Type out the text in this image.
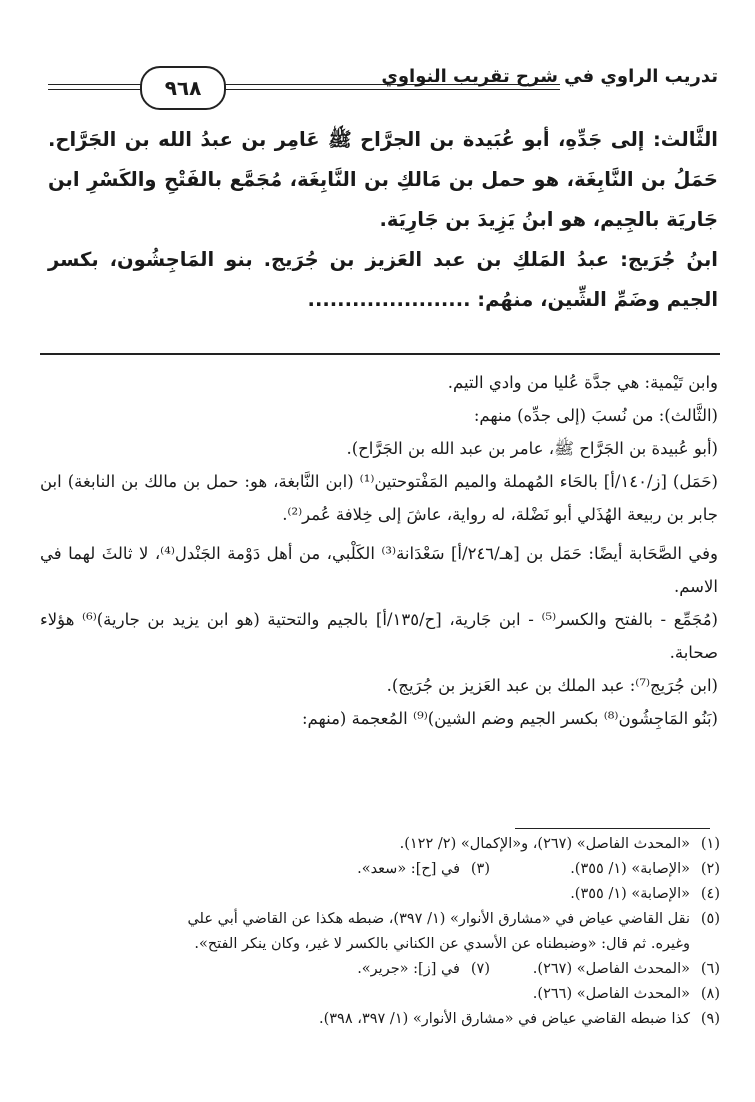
تدريب الراوي في شرح تقريب النواوي
٩٦٨

الثَّالث: إلى جَدِّهِ، أبو عُبَيدة بن الجرَّاح ﷺ عَامِر بن عبدُ الله بن الجَرَّاح. حَمَلُ بن النَّابِغَة، هو حمل بن مَالكِ بن النَّابِغَة، مُجَمَّع بالفَتْحِ والكَسْرِ ابن جَاريَة بالجِيم، هو ابنُ يَزِيدَ بن جَارِيَة.

ابنُ جُرَيج: عبدُ المَلكِ بن عبد العَزيز بن جُرَيج. بنو المَاجِشُون، بكسر الجيم وضَمِّ الشِّين، منهُم: ......................

وابن تَيْمية: هي جدَّة عُليا من وادي التيم.

(الثَّالث): من نُسبَ (إلى جدِّه) منهم:

(أبو عُبيدة بن الجَرَّاح ﷺ، عامر بن عبد الله بن الجَرَّاح).

(حَمَل) [ز/١٤٠/أ] بالحَاء المُهملة والميم المَفْتوحتين⁽¹⁾ (ابن النَّابغة، هو: حمل بن مالك بن النابغة) ابن جابر بن ربيعة الهُذَلي أبو نَضْلة، له رواية، عاشَ إلى خِلافة عُمر⁽²⁾.

وفي الصَّحَابة أيضًا: حَمَل بن [هـ/٢٤٦/أ] سَعْدَانة⁽³⁾ الكَلْبي، من أهل دَوْمة الجَنْدل⁽⁴⁾، لا ثالثَ لهما في الاسم.

(مُجَمِّع - بالفتح والكسر⁽⁵⁾ - ابن جَارية، [ح/١٣٥/أ] بالجيم والتحتية (هو ابن يزيد بن جارية)⁽⁶⁾ هؤلاء صحابة.

(ابن جُرَيج⁽⁷⁾: عبد الملك بن عبد العَزيز بن جُرَيج).

(بَنُو المَاجِشُون⁽⁸⁾ بكسر الجيم وضم الشين)⁽⁹⁾ المُعجمة (منهم:

(١)
«المحدث الفاصل» (٢٦٧)، و«الإكمال» (٢/ ١٢٢).
(٢)
«الإصابة» (١/ ٣٥٥).
(٣)
في [ح]: «سعد».
(٤)
«الإصابة» (١/ ٣٥٥).
(٥)
نقل القاضي عياض في «مشارق الأنوار» (١/ ٣٩٧)، ضبطه هكذا عن القاضي أبي علي
وغيره. ثم قال: «وضبطناه عن الأسدي عن الكناني بالكسر لا غير، وكان ينكر الفتح».
(٦)
«المحدث الفاصل» (٢٦٧).
(٧)
في [ز]: «جرير».
(٨)
«المحدث الفاصل» (٢٦٦).
(٩)
كذا ضبطه القاضي عياض في «مشارق الأنوار» (١/ ٣٩٧، ٣٩٨).
